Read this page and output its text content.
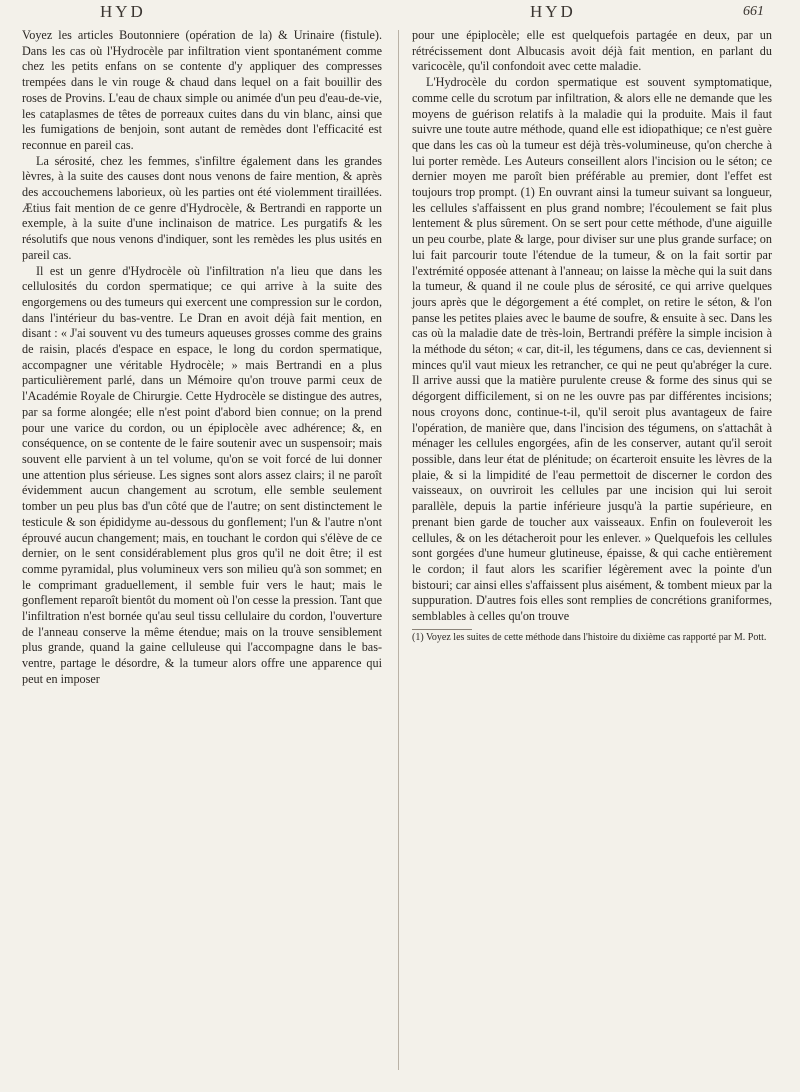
HYD	HYD	661

Voyez les articles Boutonniere (opération de la) & Urinaire (fistule). Dans les cas où l'Hydrocèle par infiltration vient spontanément comme chez les petits enfans on se contente d'y appliquer des compresses trempées dans le vin rouge & chaud dans lequel on a fait bouillir des roses de Provins. L'eau de chaux simple ou animée d'un peu d'eau-de-vie, les cataplasmes de têtes de porreaux cuites dans du vin blanc, ainsi que les fumigations de benjoin, sont autant de remèdes dont l'efficacité est reconnue en pareil cas.

La sérosité, chez les femmes, s'infiltre également dans les grandes lèvres, à la suite des causes dont nous venons de faire mention, & après des accouchemens laborieux, où les parties ont été violemment tiraillées. Ætius fait mention de ce genre d'Hydrocèle, & Bertrandi en rapporte un exemple, à la suite d'une inclinaison de matrice. Les purgatifs & les résolutifs que nous venons d'indiquer, sont les remèdes les plus usités en pareil cas.

Il est un genre d'Hydrocèle où l'infiltration n'a lieu que dans les cellulosités du cordon spermatique; ce qui arrive à la suite des engorgemens ou des tumeurs qui exercent une compression sur le cordon, dans l'intérieur du bas-ventre. Le Dran en avoit déjà fait mention, en disant : « J'ai souvent vu des tumeurs aqueuses grosses comme des grains de raisin, placés d'espace en espace, le long du cordon spermatique, accompagner une véritable Hydrocèle; » mais Bertrandi en a plus particulièrement parlé, dans un Mémoire qu'on trouve parmi ceux de l'Académie Royale de Chirurgie. Cette Hydrocèle se distingue des autres, par sa forme alongée; elle n'est point d'abord bien connue; on la prend pour une varice du cordon, ou un épiplocèle avec adhérence; &, en conséquence, on se contente de le faire soutenir avec un suspensoir; mais souvent elle parvient à un tel volume, qu'on se voit forcé de lui donner une attention plus sérieuse. Les signes sont alors assez clairs; il ne paroît évidemment aucun changement au scrotum, elle semble seulement tomber un peu plus bas d'un côté que de l'autre; on sent distinctement le testicule & son épididyme au-dessous du gonflement; l'un & l'autre n'ont éprouvé aucun changement; mais, en touchant le cordon qui s'élève de ce dernier, on le sent considérablement plus gros qu'il ne doit être; il est comme pyramidal, plus volumineux vers son milieu qu'à son sommet; en le comprimant graduellement, il semble fuir vers le haut; mais le gonflement reparoît bientôt du moment où l'on cesse la pression. Tant que l'infiltration n'est bornée qu'au seul tissu cellulaire du cordon, l'ouverture de l'anneau conserve la même étendue; mais on la trouve sensiblement plus grande, quand la gaine celluleuse qui l'accompagne dans le bas-ventre, partage le désordre, & la tumeur alors offre une apparence qui peut en imposer

pour une épiplocèle; elle est quelquefois partagée en deux, par un rétrécissement dont Albucasis avoit déjà fait mention, en parlant du varicocèle, qu'il confondoit avec cette maladie.

L'Hydrocèle du cordon spermatique est souvent symptomatique, comme celle du scrotum par infiltration, & alors elle ne demande que les moyens de guérison relatifs à la maladie qui la produite. Mais il faut suivre une toute autre méthode, quand elle est idiopathique; ce n'est guère que dans les cas où la tumeur est déjà très-volumineuse, qu'on cherche à lui porter remède. Les Auteurs conseillent alors l'incision ou le séton; ce dernier moyen me paroît bien préférable au premier, dont l'effet est toujours trop prompt. (1) En ouvrant ainsi la tumeur suivant sa longueur, les cellules s'affaissent en plus grand nombre; l'écoulement se fait plus lentement & plus sûrement. On se sert pour cette méthode, d'une aiguille un peu courbe, plate & large, pour diviser sur une plus grande surface; on lui fait parcourir toute l'étendue de la tumeur, & on la fait sortir par l'extrémité opposée attenant à l'anneau; on laisse la mèche qui la suit dans la tumeur, & quand il ne coule plus de sérosité, ce qui arrive quelques jours après que le dégorgement a été complet, on retire le séton, & l'on panse les petites plaies avec le baume de soufre, & ensuite à sec. Dans les cas où la maladie date de très-loin, Bertrandi préfère la simple incision à la méthode du séton; « car, dit-il, les tégumens, dans ce cas, deviennent si minces qu'il vaut mieux les retrancher, ce qui ne peut qu'abréger la cure. Il arrive aussi que la matière purulente creuse & forme des sinus qui se dégorgent difficilement, si on ne les ouvre pas par différentes incisions; nous croyons donc, continue-t-il, qu'il seroit plus avantageux de faire l'opération, de manière que, dans l'incision des tégumens, on s'attachât à ménager les cellules engorgées, afin de les conserver, autant qu'il seroit possible, dans leur état de plénitude; on écarteroit ensuite les lèvres de la plaie, & si la limpidité de l'eau permettoit de discerner le cordon des vaisseaux, on ouvriroit les cellules par une incision qui lui seroit parallèle, depuis la partie inférieure jusqu'à la partie supérieure, en prenant bien garde de toucher aux vaisseaux. Enfin on fouleveroit les cellules, & on les détacheroit pour les enlever. » Quelquefois les cellules sont gorgées d'une humeur glutineuse, épaisse, & qui cache entièrement le cordon; il faut alors les scarifier légèrement avec la pointe d'un bistouri; car ainsi elles s'affaissent plus aisément, & tombent mieux par la suppuration. D'autres fois elles sont remplies de concrétions graniformes, semblables à celles qu'on trouve

(1) Voyez les suites de cette méthode dans l'histoire du dixième cas rapporté par M. Pott.
